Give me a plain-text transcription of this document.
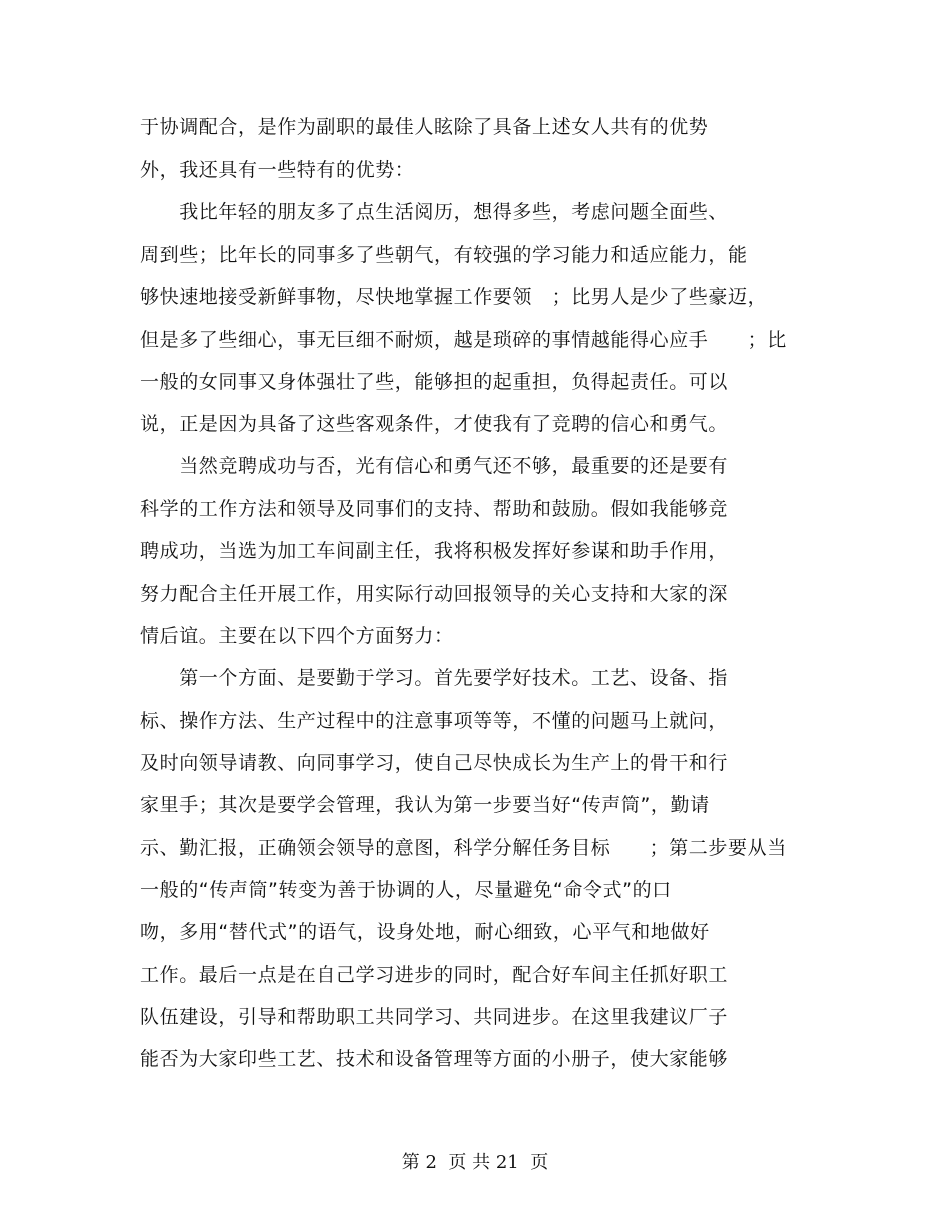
于协调配合，是作为副职的最佳人眩除了具备上述女人共有的优势
外，我还具有一些特有的优势：
　　我比年轻的朋友多了点生活阅历，想得多些，考虑问题全面些、
周到些；比年长的同事多了些朝气，有较强的学习能力和适应能力，能
够快速地接受新鲜事物，尽快地掌握工作要领　；比男人是少了些豪迈，
但是多了些细心，事无巨细不耐烦，越是琐碎的事情越能得心应手　　；比
一般的女同事又身体强壮了些，能够担的起重担，负得起责任。可以
说，正是因为具备了这些客观条件，才使我有了竞聘的信心和勇气。
　　当然竞聘成功与否，光有信心和勇气还不够，最重要的还是要有
科学的工作方法和领导及同事们的支持、帮助和鼓励。假如我能够竞
聘成功，当选为加工车间副主任，我将积极发挥好参谋和助手作用，
努力配合主任开展工作，用实际行动回报领导的关心支持和大家的深
情后谊。主要在以下四个方面努力：
　　第一个方面、是要勤于学习。首先要学好技术。工艺、设备、指
标、操作方法、生产过程中的注意事项等等，不懂的问题马上就问，
及时向领导请教、向同事学习，使自己尽快成长为生产上的骨干和行
家里手；其次是要学会管理，我认为第一步要当好“传声筒”，勤请
示、勤汇报，正确领会领导的意图，科学分解任务目标　　；第二步要从当
一般的“传声筒”转变为善于协调的人，尽量避免“命令式”的口
吻，多用“替代式”的语气，设身处地，耐心细致，心平气和地做好
工作。最后一点是在自己学习进步的同时，配合好车间主任抓好职工
队伍建设，引导和帮助职工共同学习、共同进步。在这里我建议厂子
能否为大家印些工艺、技术和设备管理等方面的小册子，使大家能够
第 2  页 共 21  页
